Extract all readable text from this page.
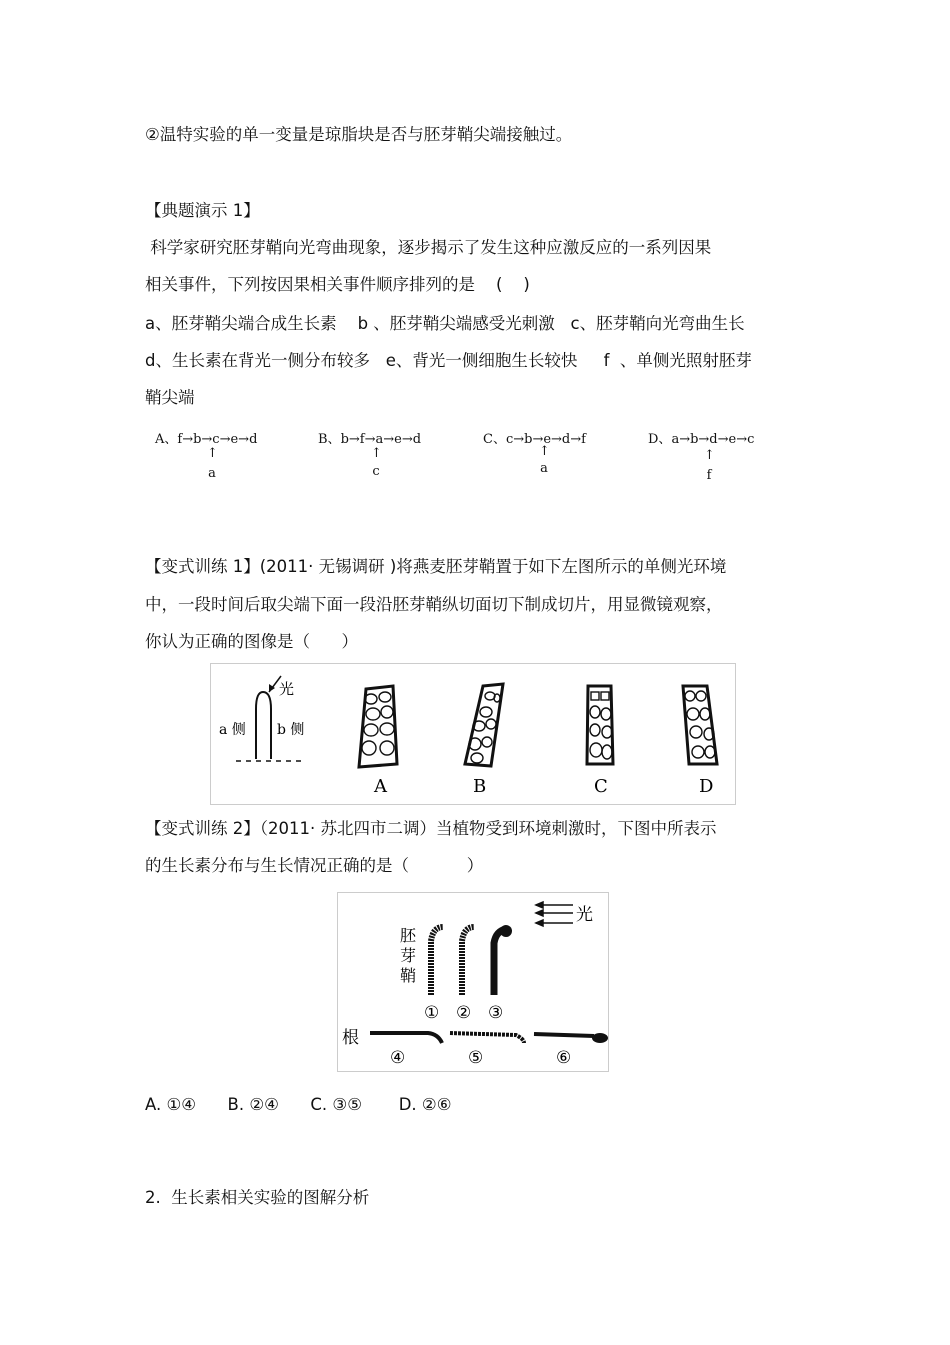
②温特实验的单一变量是琼脂块是否与胚芽鞘尖端接触过。
【典题演示 1】
科学家研究胚芽鞘向光弯曲现象，逐步揭示了发生这种应激反应的一系列因果
相关事件，下列按因果相关事件顺序排列的是    (    )
a、胚芽鞘尖端合成生长素    b 、胚芽鞘尖端感受光刺激   c、胚芽鞘向光弯曲生长
d、生长素在背光一侧分布较多   e、背光一侧细胞生长较快     f  、单侧光照射胚芽
鞘尖端
A、f→b→c→e→d
↑
a
B、b→f→a→e→d
↑
c
C、c→b→e→d→f
↑
a
D、a→b→d→e→c
↑
f
【变式训练 1】(2011· 无锡调研 )将燕麦胚芽鞘置于如下左图所示的单侧光环境
中，一段时间后取尖端下面一段沿胚芽鞘纵切面切下制成切片，用显微镜观察，
你认为正确的图像是（      ）
光
a 侧 b 侧
A	B	C	D
【变式训练 2】（2011· 苏北四市二调）当植物受到环境刺激时，下图中所表示
的生长素分布与生长情况正确的是（           ）
光
胚
芽
鞘
① ② ③
根
④	⑤	⑥
A. ①④      B. ②④      C. ③⑤       D. ②⑥
2.  生长素相关实验的图解分析
